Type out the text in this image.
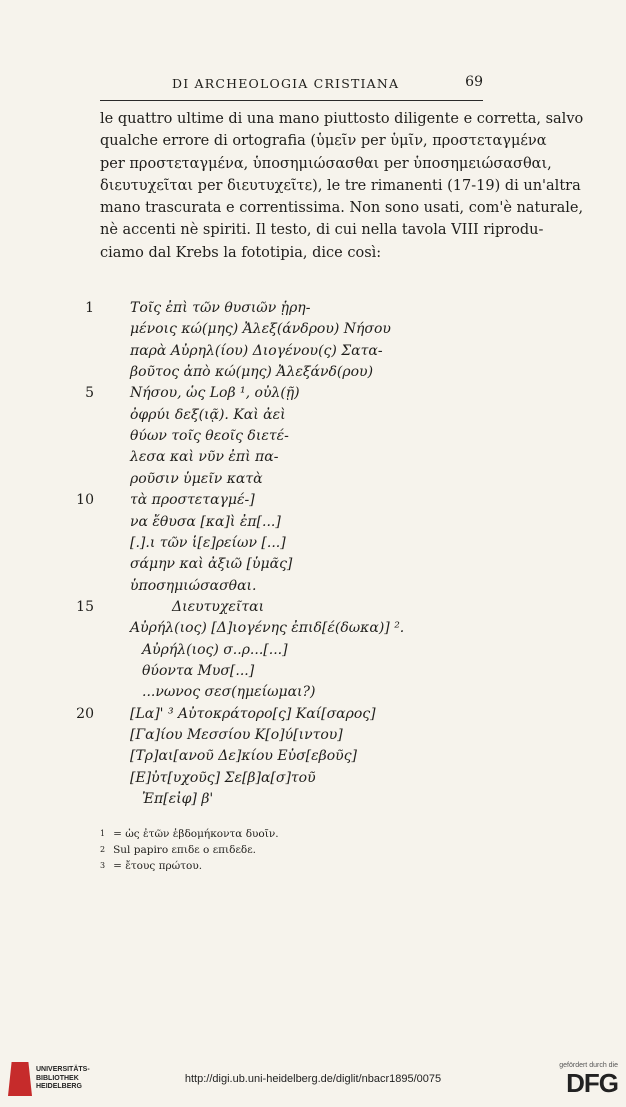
DI ARCHEOLOGIA CRISTIANA	69
le quattro ultime di una mano piuttosto diligente e corretta, salvo
qualche errore di ortografia (ὑμεῖν per ὑμῖν, προστεταγμένα
per προστεταγμένα, ὑποσημιώσασθαι per ὑποσημειώσασθαι,
διευτυχεῖται per διευτυχεῖτε), le tre rimanenti (17-19) di un'altra
mano trascurata e correntissima. Non sono usati, com'è naturale,
nè accenti nè spiriti. Il testo, di cui nella tavola VIII riprodu-
ciamo dal Krebs la fototipia, dice così:
1	Τοῖς ἐπὶ τῶν θυσιῶν ᾑρη-
μένοις κώ(μης) Ἀλεξ(άνδρου) Νήσου
παρὰ Αὐρηλ(ίου) Διογένου(ς) Σατα-
βοῦτος ἀπὸ κώ(μης) Ἀλεξάνδ(ρου)
5	Νήσου, ὡς Lοβ ¹, οὐλ(ῇ)
ὀφρύι δεξ(ιᾷ). Καὶ ἀεὶ
θύων τοῖς θεοῖς διετέ-
λεσα καὶ νῦν ἐπὶ πα-
ροῦσιν ὑμεῖν κατὰ
10	τὰ προστεταγμέ-]
να ἔθυσα [κα]ὶ ἐπ[...]
[.].ι τῶν ἱ[ε]ρείων [...]
σάμην καὶ ἀξιῶ [ὑμᾶς]
ὑποσημιώσασθαι.
15	Διευτυχεῖται
Αὐρήλ(ιος) [Δ]ιογένης ἐπιδ[έ(δωκα)] ².
Αὐρήλ(ιος) σ..ρ...[...]
θύοντα Μυσ[...]
...νωνος σεσ(ημείωμαι?)
20	[Lα]' ³ Αὐτοκράτορο[ς] Καί[σαρος]
[Γα]ίου Μεσσίου Κ[ο]ύ[ιντου]
[Τρ]αι[ανοῦ Δε]κίου Εὐσ[εβοῦς]
[Ε]ὐτ[υχοῦς] Σε[β]α[σ]τοῦ
Ἐπ[εἰφ] β'
$^1$ = ὡς ἐτῶν ἑβδομήκοντα δυοῖν.
$^2$ Sul papiro επιδε ο επιδεδε.
$^3$ = ἔτους πρώτου.
UNIVERSITÄTS-
BIBLIOTHEK
HEIDELBERG
http://digi.ub.uni-heidelberg.de/diglit/nbacr1895/0075
gefördert durch die
DFG
